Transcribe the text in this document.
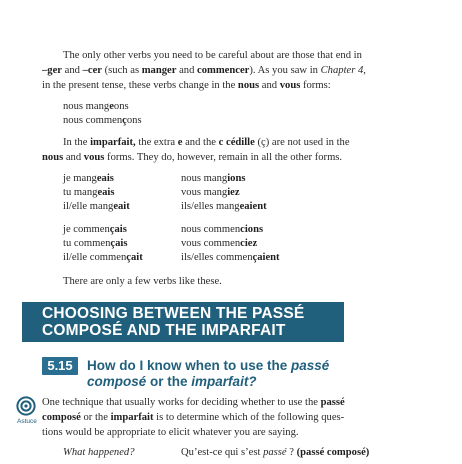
The only other verbs you need to be careful about are those that end in
–ger and –cer (such as manger and commencer). As you saw in Chapter 4,
in the present tense, these verbs change in the nous and vous forms:
nous mangeons
nous commençons
In the imparfait, the extra e and the c cédille (ç) are not used in the
nous and vous forms. They do, however, remain in all the other forms.
je mangeais	nous mangions
tu mangeais	vous mangiez
il/elle mangeait	ils/elles mangeaient
je commençais	nous commencions
tu commençais	vous commenciez
il/elle commençait	ils/elles commençaient
There are only a few verbs like these.
CHOOSING BETWEEN THE PASSÉ
COMPOSÉ AND THE IMPARFAIT
5.15	How do I know when to use the passé
composé or the imparfait?
Astuce
One technique that usually works for deciding whether to use the passé
composé or the imparfait is to determine which of the following ques-
tions would be appropriate to elicit whatever you are saying.
What happened?	Qu’est-ce qui s’est passé ? (passé composé)
